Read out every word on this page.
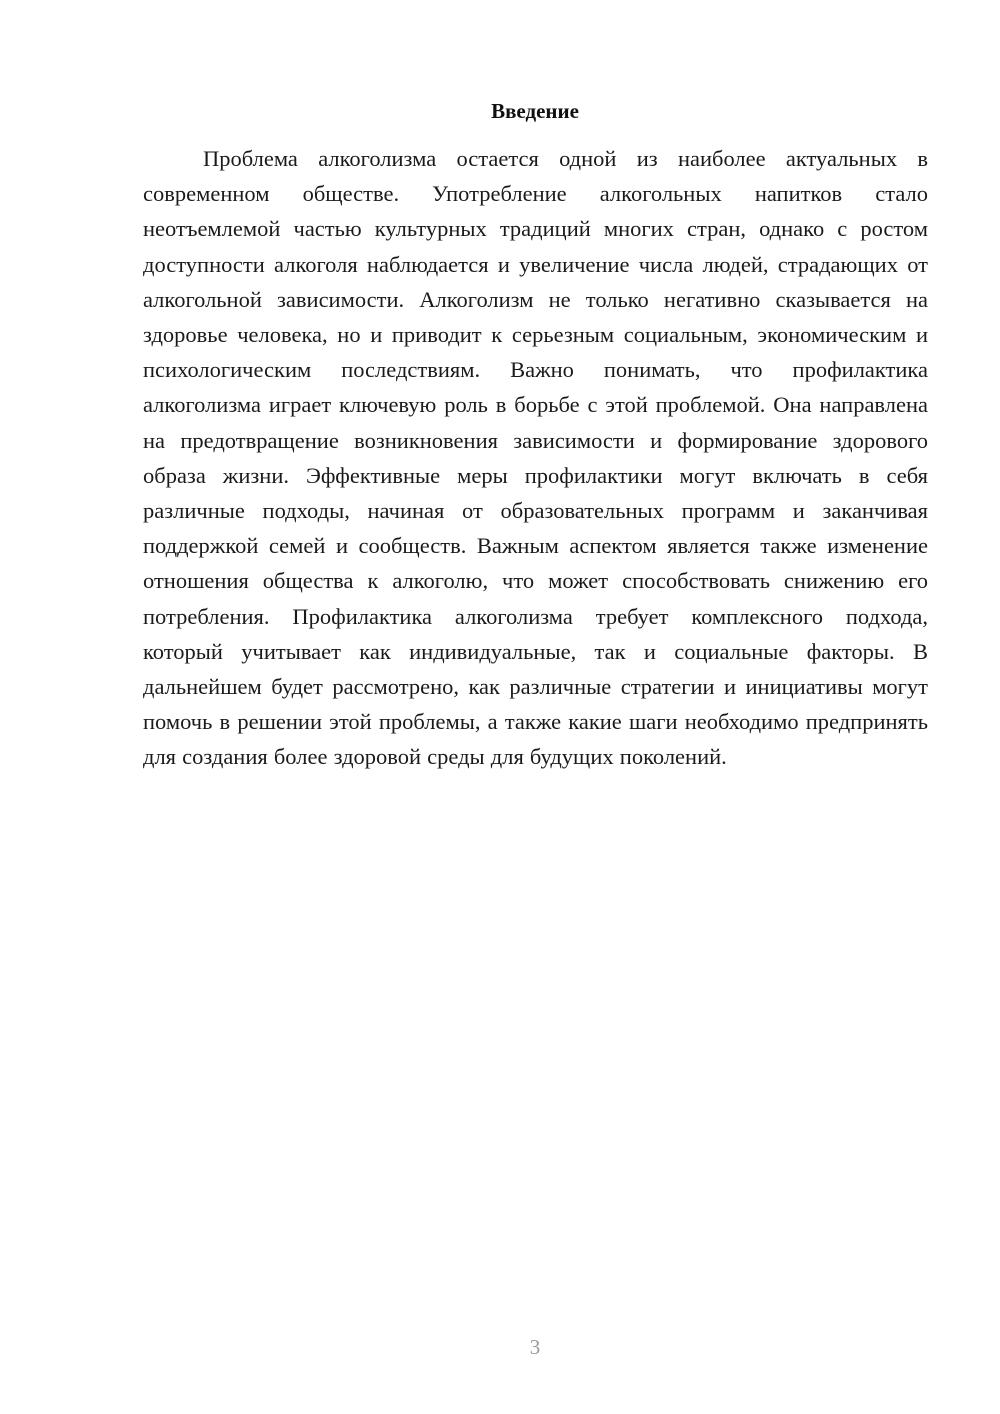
Введение

Проблема алкоголизма остается одной из наиболее актуальных в современном обществе. Употребление алкогольных напитков стало неотъемлемой частью культурных традиций многих стран, однако с ростом доступности алкоголя наблюдается и увеличение числа людей, страдающих от алкогольной зависимости. Алкоголизм не только негативно сказывается на здоровье человека, но и приводит к серьезным социальным, экономическим и психологическим последствиям. Важно понимать, что профилактика алкоголизма играет ключевую роль в борьбе с этой проблемой. Она направлена на предотвращение возникновения зависимости и формирование здорового образа жизни. Эффективные меры профилактики могут включать в себя различные подходы, начиная от образовательных программ и заканчивая поддержкой семей и сообществ. Важным аспектом является также изменение отношения общества к алкоголю, что может способствовать снижению его потребления. Профилактика алкоголизма требует комплексного подхода, который учитывает как индивидуальные, так и социальные факторы. В дальнейшем будет рассмотрено, как различные стратегии и инициативы могут помочь в решении этой проблемы, а также какие шаги необходимо предпринять для создания более здоровой среды для будущих поколений.

3
